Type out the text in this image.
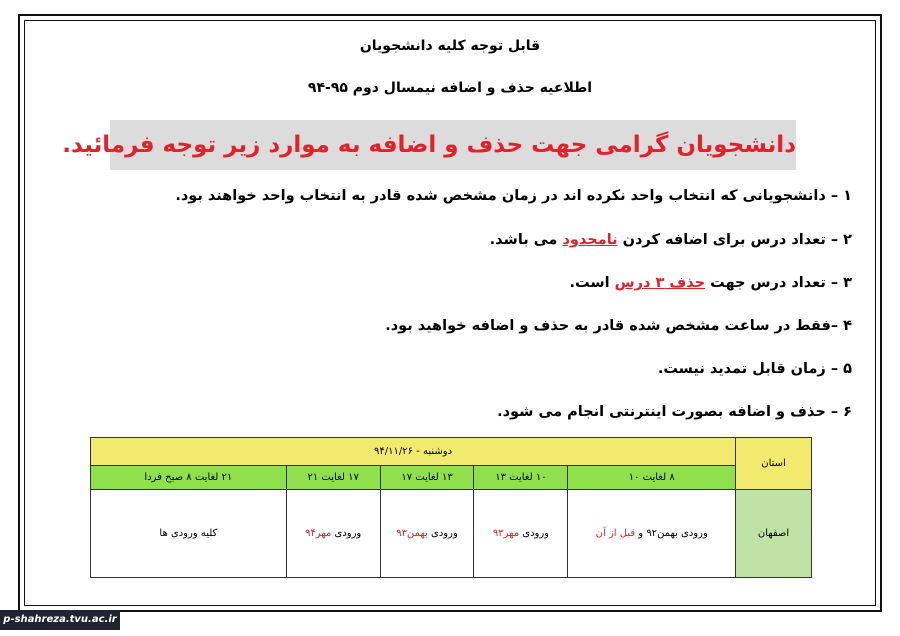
قابل توجه کلیه دانشجویان
اطلاعیه حذف و اضافه نیمسال دوم ۹۵-۹۴
دانشجویان گرامی جهت حذف و اضافه به موارد زیر توجه فرمائید.
۱ – دانشجویانی که انتخاب واحد نکرده اند در زمان مشخص شده قادر به انتخاب واحد خواهند بود.
۲ – تعداد درس برای اضافه کردن نامحدود می باشد.
۳ – تعداد درس جهت حذف ۳ درس است.
۴ –فقط در ساعت مشخص شده قادر به حذف و اضافه خواهید بود.
۵ – زمان قابل تمدید نیست.
۶ – حذف و اضافه بصورت اینترنتی انجام می شود.
استان	دوشنبه - ۹۴/۱۱/۲۶				
	۸ لغایت ۱۰	۱۰ لغایت ۱۳	۱۳ لغایت ۱۷	۱۷ لغایت ۲۱	۲۱ لغایت ۸ صبح فردا
اصفهان	ورودی بهمن۹۲ و قبل از آن	ورودی مهر۹۳	ورودی بهمن۹۳	ورودی مهر۹۴	کلیه ورودی ها
p-shahreza.tvu.ac.ir
